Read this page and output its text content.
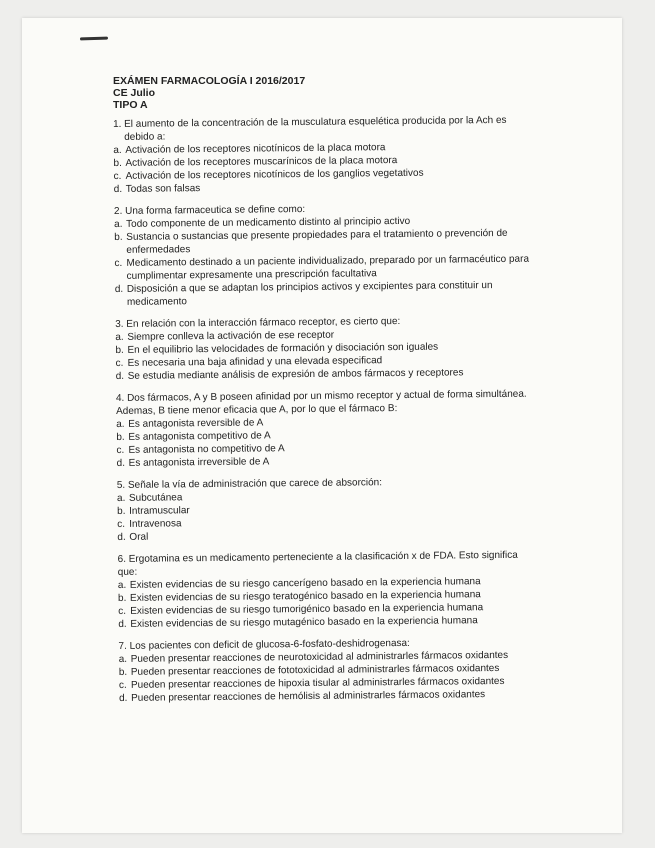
EXÁMEN FARMACOLOGÍA I 2016/2017
CE Julio
TIPO A
1. El aumento de la concentración de la musculatura esquelética producida por la Ach es debido a:
a. Activación de los receptores nicotínicos de la placa motora
b. Activación de los receptores muscarínicos de la placa motora
c. Activación de los receptores nicotínicos de los ganglios vegetativos
d. Todas son falsas
2. Una forma farmaceutica se define como:
a. Todo componente de un medicamento distinto al principio activo
b. Sustancia o sustancias que presente propiedades para el tratamiento o prevención de enfermedades
c. Medicamento destinado a un paciente individualizado, preparado por un farmacéutico para cumplimentar expresamente una prescripción facultativa
d. Disposición a que se adaptan los principios activos y excipientes para constituir un medicamento
3. En relación con la interacción fármaco receptor, es cierto que:
a. Siempre conlleva la activación de ese receptor
b. En el equilibrio las velocidades de formación y disociación son iguales
c. Es necesaria una baja afinidad y una elevada especificad
d. Se estudia mediante análisis de expresión de ambos fármacos y receptores
4. Dos fármacos, A y B poseen afinidad por un mismo receptor y actual de forma simultánea. Ademas, B tiene menor eficacia que A, por lo que el fármaco B:
a. Es antagonista reversible de A
b. Es antagonista competitivo de A
c. Es antagonista no competitivo de A
d. Es antagonista irreversible de A
5. Señale la vía de administración que carece de absorción:
a. Subcutánea
b. Intramuscular
c. Intravenosa
d. Oral
6. Ergotamina es un medicamento perteneciente a la clasificación x de FDA. Esto significa que:
a. Existen evidencias de su riesgo cancerígeno basado en la experiencia humana
b. Existen evidencias de su riesgo teratogénico basado en la experiencia humana
c. Existen evidencias de su riesgo tumorigénico basado en la experiencia humana
d. Existen evidencias de su riesgo mutagénico basado en la experiencia humana
7. Los pacientes con deficit de glucosa-6-fosfato-deshidrogenasa:
a. Pueden presentar reacciones de neurotoxicidad al administrarles fármacos oxidantes
b. Pueden presentar reacciones de fototoxicidad al administrarles fármacos oxidantes
c. Pueden presentar reacciones de hipoxia tisular al administrarles fármacos oxidantes
d. Pueden presentar reacciones de hemólisis al administrarles fármacos oxidantes
